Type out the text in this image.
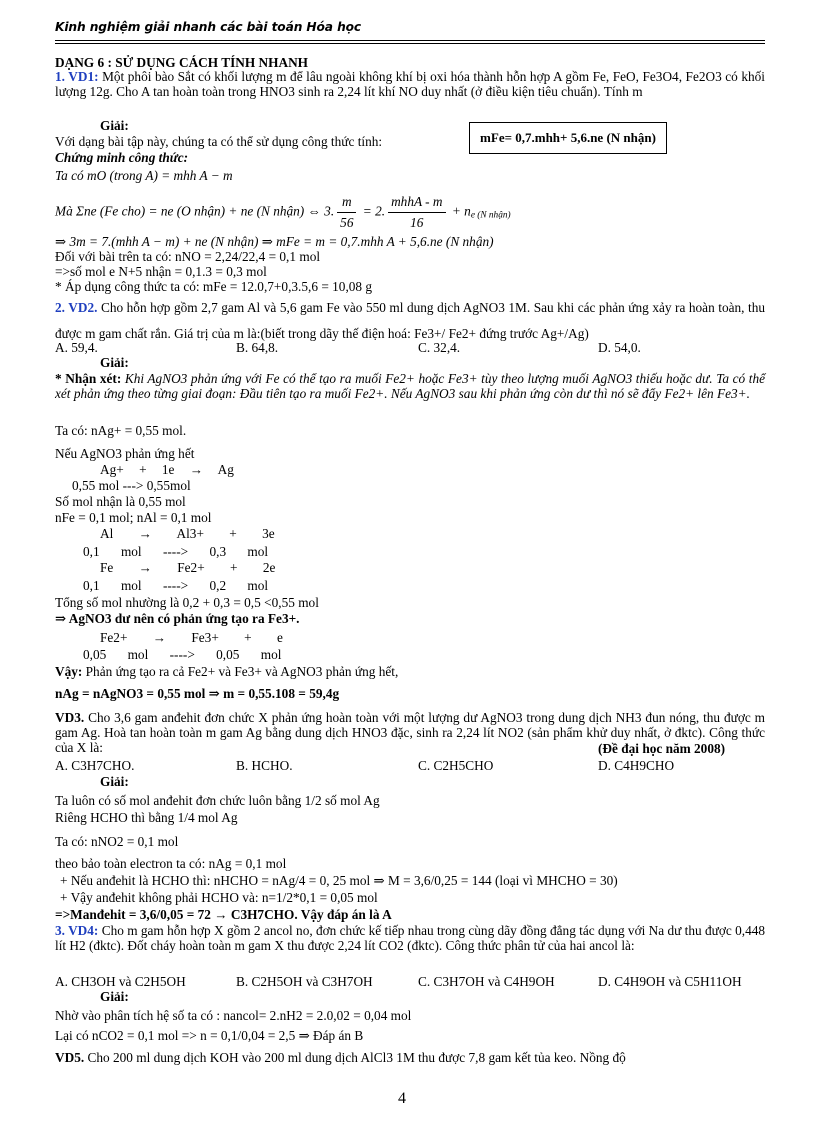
Kinh nghiệm giải nhanh các bài toán Hóa học
DẠNG 6 : SỬ DỤNG CÁCH TÍNH NHANH
1. VD1: Một phôi bào Sắt có khối lượng m để lâu ngoài không khí bị oxi hóa thành hỗn hợp A gồm Fe, FeO, Fe3O4, Fe2O3 có khối lượng 12g. Cho A tan hoàn toàn trong HNO3 sinh ra 2,24 lít khí NO duy nhất (ở điều kiện tiêu chuẩn). Tính m
Giải:
mFe= 0,7.mhh+ 5,6.ne (N nhận)
Với dạng bài tập này, chúng ta có thể sử dụng công thức tính:
Chứng minh công thức:
Ta có mO (trong A) = mhh A − m
Mà Σne (Fe cho) = ne (O nhận) + ne (N nhận) ⇔ 3. $\frac{m}{56} = 2$. $\frac{\text{mhhA - m}}{16} + n_{e (N nhận)}$
⇒ 3m = 7.(mhh A − m) + ne (N nhận) ⇒ mFe = m = 0,7.mhh A + 5,6.ne (N nhận)
Đối với bài trên ta có: nNO = 2,24/22,4 = 0,1 mol
=>số mol e N+5 nhận = 0,1.3 = 0,3 mol
* Áp dụng công thức ta có: mFe = 12.0,7+0,3.5,6 = 10,08 g
2. VD2. Cho hỗn hợp gồm 2,7 gam Al và 5,6 gam Fe vào 550 ml dung dịch AgNO3 1M. Sau khi các phản ứng xảy ra hoàn toàn, thu được m gam chất rắn. Giá trị của m là:(biết trong dãy thế điện hoá: Fe3+/ Fe2+ đứng trước Ag+/Ag)
A. 59,4.	B. 64,8.	C. 32,4.	D. 54,0.
Giải:
* Nhận xét: Khi AgNO3 phản ứng với Fe có thể tạo ra muối Fe2+ hoặc Fe3+ tùy theo lượng muối AgNO3 thiếu hoặc dư. Ta có thể xét phản ứng theo từng giai đoạn: Đầu tiên tạo ra muối Fe2+. Nếu AgNO3 sau khi phản ứng còn dư thì nó sẽ đẩy Fe2+ lên Fe3+.
Ta có: nAg+ = 0,55 mol.
Nếu AgNO3 phản ứng hết
Ag+ + 1e → Ag
0,55 mol ---> 0,55mol
Số mol nhận là 0,55 mol
nFe = 0,1 mol; nAl = 0,1 mol
Al → Al3+ + 3e
0,1 mol ----> 0,3 mol
Fe → Fe2+ + 2e
0,1 mol ----> 0,2 mol
Tổng số mol nhường là 0,2 + 0,3 = 0,5 <0,55 mol
⇒ AgNO3 dư nên có phản ứng tạo ra Fe3+.
Fe2+ → Fe3+ + e
0,05 mol ----> 0,05 mol
Vậy: Phản ứng tạo ra cả Fe2+ và Fe3+ và AgNO3 phản ứng hết,
nAg = nAgNO3 = 0,55 mol ⇒ m = 0,55.108 = 59,4g
VD3. Cho 3,6 gam anđehit đơn chức X phản ứng hoàn toàn với một lượng dư AgNO3 trong dung dịch NH3 đun nóng, thu được m gam Ag. Hoà tan hoàn toàn m gam Ag bằng dung dịch HNO3 đặc, sinh ra 2,24 lít NO2 (sản phẩm khử duy nhất, ở đktc). Công thức của X là:	(Đề đại học năm 2008)
A. C3H7CHO.	B. HCHO.	C. C2H5CHO	D. C4H9CHO
Giải:
Ta luôn có số mol anđehit đơn chức luôn bằng 1/2 số mol Ag
Riêng HCHO thì bằng 1/4 mol Ag
Ta có: nNO2 = 0,1 mol
theo bảo toàn electron ta có: nAg = 0,1 mol
+ Nếu anđehit là HCHO thì: nHCHO = nAg/4 = 0, 25 mol ⇒ M = 3,6/0,25 = 144 (loại vì MHCHO = 30)
+ Vậy anđehit không phải HCHO và: n=1/2*0,1 = 0,05 mol
=>Manđehit = 3,6/0,05 = 72 → C3H7CHO. Vậy đáp án là A
3. VD4: Cho m gam hỗn hợp X gồm 2 ancol no, đơn chức kế tiếp nhau trong cùng dãy đồng đẳng tác dụng với Na dư thu được 0,448 lít H2 (đktc). Đốt cháy hoàn toàn m gam X thu được 2,24 lít CO2 (đktc). Công thức phân tử của hai ancol là:
A. CH3OH và C2H5OH	B. C2H5OH và C3H7OH	C. C3H7OH và C4H9OH	D. C4H9OH và C5H11OH
Giải:
Nhờ vào phân tích hệ số ta có : nancol= 2.nH2 = 2.0,02 = 0,04 mol
Lại có nCO2 = 0,1 mol => n = 0,1/0,04 = 2,5 ⇒ Đáp án B
VD5. Cho 200 ml dung dịch KOH vào 200 ml dung dịch AlCl3 1M thu được 7,8 gam kết tủa keo. Nồng độ
4
